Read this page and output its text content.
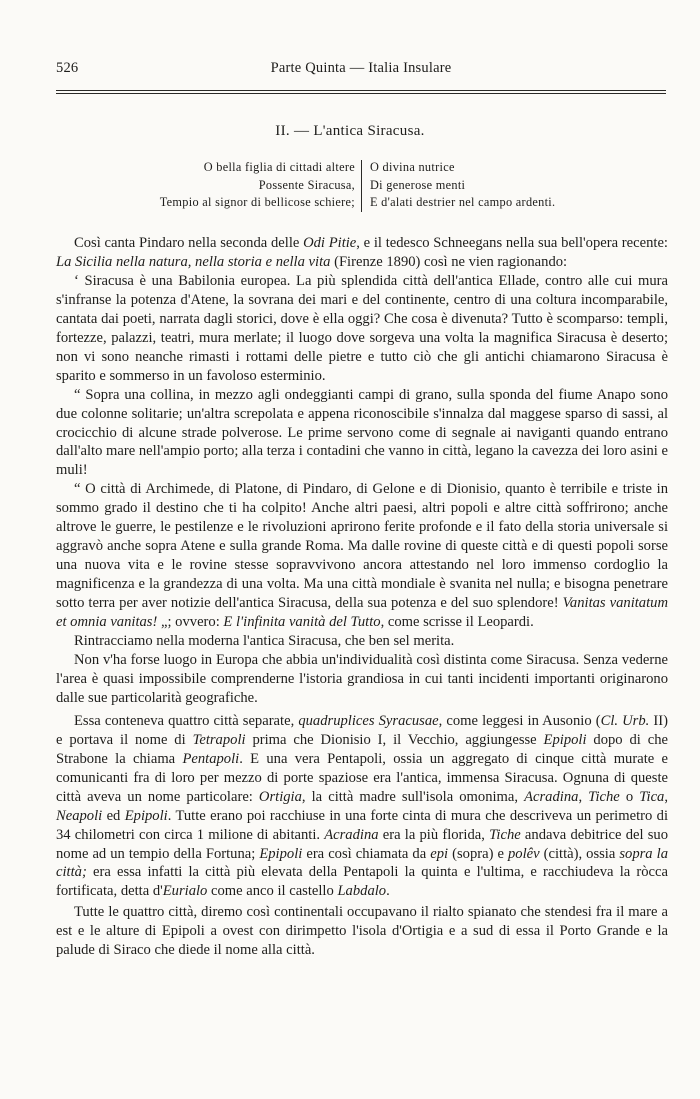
526	Parte Quinta — Italia Insulare
II. — L'antica Siracusa.
O bella figlia di cittadi altere
Possente Siracusa,
Tempio al signor di bellicose schiere;
O divina nutrice
Di generose menti
E d'alati destrier nel campo ardenti.

Così canta Pindaro nella seconda delle Odi Pitie, e il tedesco Schneegans nella sua bell'opera recente: La Sicilia nella natura, nella storia e nella vita (Firenze 1890) così ne vien ragionando:

‘ Siracusa è una Babilonia europea. La più splendida città dell'antica Ellade, contro alle cui mura s'infranse la potenza d'Atene, la sovrana dei mari e del continente, centro di una coltura incomparabile, cantata dai poeti, narrata dagli storici, dove è ella oggi? Che cosa è divenuta? Tutto è scomparso: templi, fortezze, palazzi, teatri, mura merlate; il luogo dove sorgeva una volta la magnifica Siracusa è deserto; non vi sono neanche rimasti i rottami delle pietre e tutto ciò che gli antichi chiamarono Siracusa è sparito e sommerso in un favoloso esterminio.

“ Sopra una collina, in mezzo agli ondeggianti campi di grano, sulla sponda del fiume Anapo sono due colonne solitarie; un'altra screpolata e appena riconoscibile s'innalza dal maggese sparso di sassi, al crocicchio di alcune strade polverose. Le prime servono come di segnale ai naviganti quando entrano dall'alto mare nell'ampio porto; alla terza i contadini che vanno in città, legano la cavezza dei loro asini e muli!

“ O città di Archimede, di Platone, di Pindaro, di Gelone e di Dionisio, quanto è terribile e triste in sommo grado il destino che ti ha colpito! Anche altri paesi, altri popoli e altre città soffrirono; anche altrove le guerre, le pestilenze e le rivoluzioni aprirono ferite profonde e il fato della storia universale si aggravò anche sopra Atene e sulla grande Roma. Ma dalle rovine di queste città e di questi popoli sorse una nuova vita e le rovine stesse sopravvivono ancora attestando nel loro immenso cordoglio la magnificenza e la grandezza di una volta. Ma una città mondiale è svanita nel nulla; e bisogna penetrare sotto terra per aver notizie dell'antica Siracusa, della sua potenza e del suo splendore! Vanitas vanitatum et omnia vanitas! „; ovvero: E l'infinita vanità del Tutto, come scrisse il Leopardi.

Rintracciamo nella moderna l'antica Siracusa, che ben sel merita.

Non v'ha forse luogo in Europa che abbia un'individualità così distinta come Siracusa. Senza vederne l'area è quasi impossibile comprenderne l'istoria grandiosa in cui tanti incidenti importanti originarono dalle sue particolarità geografiche.

Essa conteneva quattro città separate, quadruplices Syracusae, come leggesi in Ausonio (Cl. Urb. II) e portava il nome di Tetrapoli prima che Dionisio I, il Vecchio, aggiungesse Epipoli dopo di che Strabone la chiama Pentapoli. E una vera Pentapoli, ossia un aggregato di cinque città murate e comunicanti fra di loro per mezzo di porte spaziose era l'antica, immensa Siracusa. Ognuna di queste città aveva un nome particolare: Ortigia, la città madre sull'isola omonima, Acradina, Tiche o Tica, Neapoli ed Epipoli. Tutte erano poi racchiuse in una forte cinta di mura che descriveva un perimetro di 34 chilometri con circa 1 milione di abitanti. Acradina era la più florida, Tiche andava debitrice del suo nome ad un tempio della Fortuna; Epipoli era così chiamata da epi (sopra) e polêv (città), ossia sopra la città; era essa infatti la città più elevata della Pentapoli la quinta e l'ultima, e racchiudeva la ròcca fortificata, detta d'Eurialo come anco il castello Labdalo.

Tutte le quattro città, diremo così continentali occupavano il rialto spianato che stendesi fra il mare a est e le alture di Epipoli a ovest con dirimpetto l'isola d'Ortigia e a sud di essa il Porto Grande e la palude di Siraco che diede il nome alla città.
